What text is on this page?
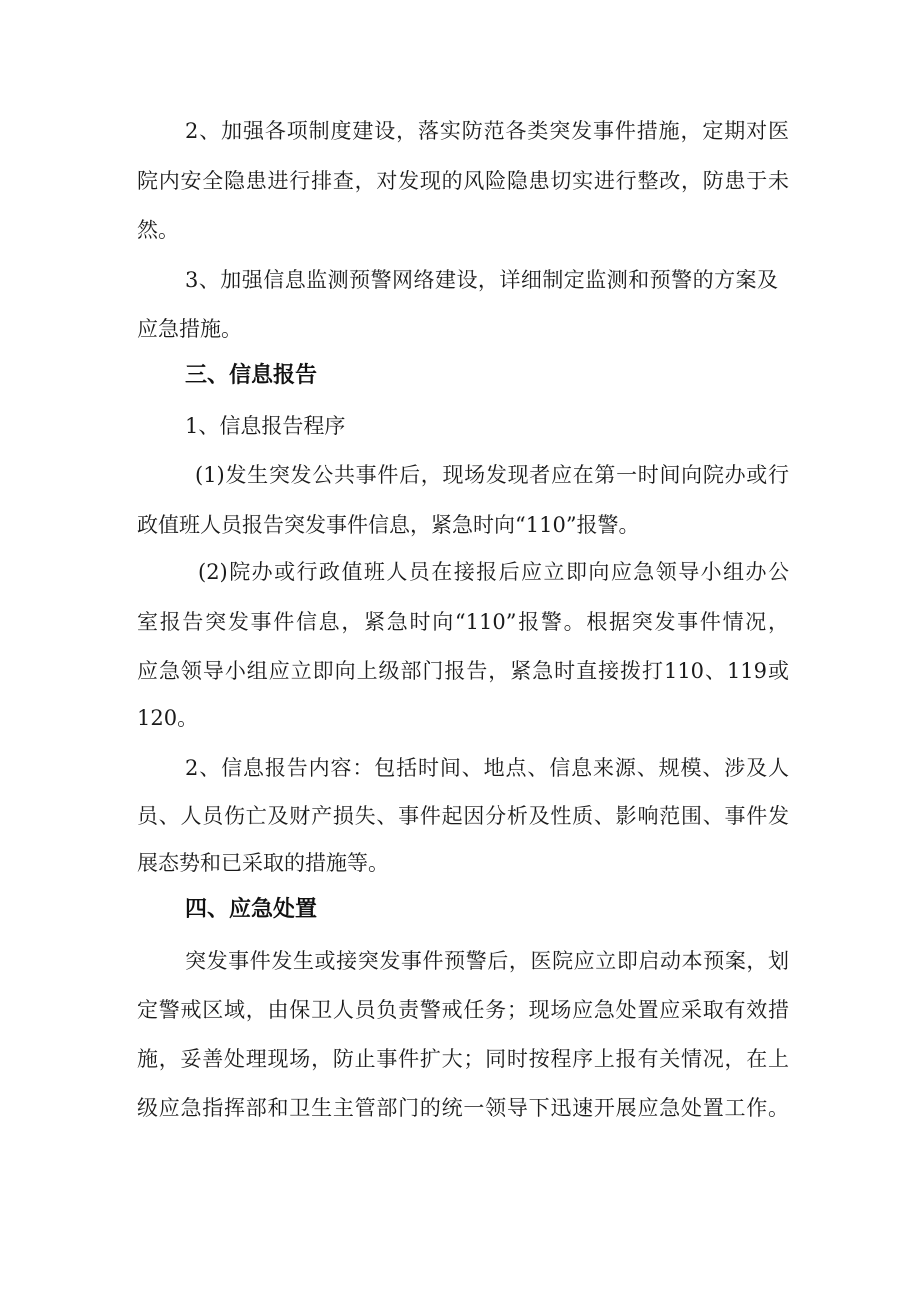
2、加强各项制度建设，落实防范各类突发事件措施，定期对医
院内安全隐患进行排查，对发现的风险隐患切实进行整改，防患于未
然。
3、加强信息监测预警网络建设，详细制定监测和预警的方案及
应急措施。
三、信息报告
1、信息报告程序
(1)发生突发公共事件后，现场发现者应在第一时间向院办或行
政值班人员报告突发事件信息，紧急时向“110”报警。
(2)院办或行政值班人员在接报后应立即向应急领导小组办公
室报告突发事件信息，紧急时向“110”报警。根据突发事件情况，
应急领导小组应立即向上级部门报告，紧急时直接拨打110、119或
120。
2、信息报告内容：包括时间、地点、信息来源、规模、涉及人
员、人员伤亡及财产损失、事件起因分析及性质、影响范围、事件发
展态势和已采取的措施等。
四、应急处置
突发事件发生或接突发事件预警后，医院应立即启动本预案，划
定警戒区域，由保卫人员负责警戒任务；现场应急处置应采取有效措
施，妥善处理现场，防止事件扩大；同时按程序上报有关情况，在上
级应急指挥部和卫生主管部门的统一领导下迅速开展应急处置工作。
